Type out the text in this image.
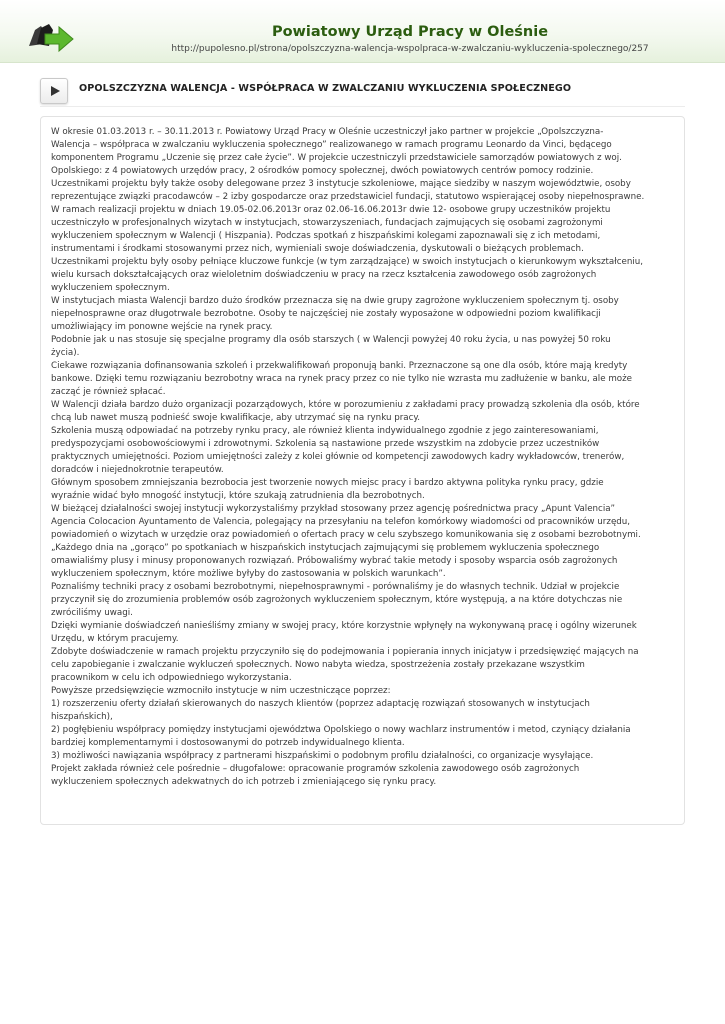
Powiatowy Urząd Pracy w Oleśnie
http://pupolesno.pl/strona/opolszczyzna-walencja-wspolpraca-w-zwalczaniu-wykluczenia-spolecznego/257
OPOLSZCZYZNA WALENCJA - WSPÓŁPRACA W ZWALCZANIU WYKLUCZENIA SPOŁECZNEGO

W okresie 01.03.2013 r. – 30.11.2013 r. Powiatowy Urząd Pracy w Oleśnie uczestniczył jako partner w projekcie „Opolszczyzna-

Walencja – współpraca w zwalczaniu wykluczenia społecznego” realizowanego w ramach programu Leonardo da Vinci, będącego

komponentem Programu „Uczenie się przez całe życie”. W projekcie uczestniczyli przedstawiciele samorządów powiatowych z woj.

Opolskiego: z 4 powiatowych urzędów pracy, 2 ośrodków pomocy społecznej, dwóch powiatowych centrów pomocy rodzinie.

Uczestnikami projektu były także osoby delegowane przez 3 instytucje szkoleniowe, mające siedziby w naszym województwie, osoby

reprezentujące związki pracodawców – 2 izby gospodarcze oraz przedstawiciel fundacji, statutowo wspierającej osoby niepełnosprawne.

W ramach realizacji projektu w dniach 19.05-02.06.2013r oraz 02.06-16.06.2013r dwie 12- osobowe grupy uczestników projektu

uczestniczyło w profesjonalnych wizytach w instytucjach, stowarzyszeniach, fundacjach zajmujących się osobami zagrożonymi

wykluczeniem społecznym w Walencji ( Hiszpania). Podczas spotkań z hiszpańskimi kolegami zapoznawali się z ich metodami,

instrumentami i środkami stosowanymi przez nich, wymieniali swoje doświadczenia, dyskutowali o bieżących problemach.

Uczestnikami projektu były osoby pełniące kluczowe funkcje (w tym zarządzające) w swoich instytucjach o kierunkowym wykształceniu,

wielu kursach dokształcających oraz wieloletnim doświadczeniu w pracy na rzecz kształcenia zawodowego osób zagrożonych

wykluczeniem społecznym.

W instytucjach miasta Walencji bardzo dużo środków przeznacza się na dwie grupy zagrożone wykluczeniem społecznym tj. osoby

niepełnosprawne oraz długotrwale bezrobotne. Osoby te najczęściej nie zostały wyposażone w odpowiedni poziom kwalifikacji

umożliwiający im ponowne wejście na rynek pracy.

Podobnie jak u nas stosuje się specjalne programy dla osób starszych ( w Walencji powyżej 40 roku życia, u nas powyżej 50 roku

życia).

Ciekawe rozwiązania dofinansowania szkoleń i przekwalifikowań proponują banki. Przeznaczone są one dla osób, które mają kredyty

bankowe. Dzięki temu rozwiązaniu bezrobotny wraca na rynek pracy przez co nie tylko nie wzrasta mu zadłużenie w banku, ale może

zacząć je również spłacać.

W Walencji działa bardzo dużo organizacji pozarządowych, które w porozumieniu z zakładami pracy prowadzą szkolenia dla osób, które

chcą lub nawet muszą podnieść swoje kwalifikacje, aby utrzymać się na rynku pracy.

Szkolenia muszą odpowiadać na potrzeby rynku pracy, ale również klienta indywidualnego zgodnie z jego zainteresowaniami,

predyspozycjami osobowościowymi i zdrowotnymi. Szkolenia są nastawione przede wszystkim na zdobycie przez uczestników

praktycznych umiejętności. Poziom umiejętności zależy z kolei głównie od kompetencji zawodowych kadry wykładowców, trenerów,

doradców i niejednokrotnie terapeutów.

Głównym sposobem zmniejszania bezrobocia jest tworzenie nowych miejsc pracy i bardzo aktywna polityka rynku pracy, gdzie

wyraźnie widać było mnogość instytucji, które szukają zatrudnienia dla bezrobotnych.

W bieżącej działalności swojej instytucji wykorzystaliśmy przykład stosowany przez agencję pośrednictwa pracy „Apunt Valencia”

Agencia Colocacion Ayuntamento de Valencia, polegający na przesyłaniu na telefon komórkowy wiadomości od pracowników urzędu,

powiadomień o wizytach w urzędzie oraz powiadomień o ofertach pracy w celu szybszego komunikowania się z osobami bezrobotnymi.

„Każdego dnia na „gorąco” po spotkaniach w hiszpańskich instytucjach zajmującymi się problemem wykluczenia społecznego

omawialiśmy plusy i minusy proponowanych rozwiązań. Próbowaliśmy wybrać takie metody i sposoby wsparcia osób zagrożonych

wykluczeniem społecznym, które możliwe byłyby do zastosowania w polskich warunkach”.

Poznaliśmy techniki pracy z osobami bezrobotnymi, niepełnosprawnymi - porównaliśmy je do własnych technik. Udział w projekcie

przyczynił się do zrozumienia problemów osób zagrożonych wykluczeniem społecznym, które występują, a na które dotychczas nie

zwróciliśmy uwagi.

Dzięki wymianie doświadczeń nanieśliśmy zmiany w swojej pracy, które korzystnie wpłynęły na wykonywaną pracę i ogólny wizerunek

Urzędu, w którym pracujemy.

Zdobyte doświadczenie w ramach projektu przyczyniło się do podejmowania i popierania innych inicjatyw i przedsięwzięć mających na

celu zapobieganie i zwalczanie wykluczeń społecznych. Nowo nabyta wiedza, spostrzeżenia zostały przekazane wszystkim

pracownikom w celu ich odpowiedniego wykorzystania.

Powyższe przedsięwzięcie wzmocniło instytucje w nim uczestniczące poprzez:

1) rozszerzeniu oferty działań skierowanych do naszych klientów (poprzez adaptację rozwiązań stosowanych w instytucjach

hiszpańskich),

2) pogłębieniu współpracy pomiędzy instytucjami ojewództwa Opolskiego o nowy wachlarz instrumentów i metod, czyniący działania

bardziej komplementarnymi i dostosowanymi do potrzeb indywidualnego klienta.

3) możliwości nawiązania współpracy z partnerami hiszpańskimi o podobnym profilu działalności, co organizacje wysyłające.

Projekt zakłada również cele pośrednie – długofalowe: opracowanie programów szkolenia zawodowego osób zagrożonych

wykluczeniem społecznych adekwatnych do ich potrzeb i zmieniającego się rynku pracy.
